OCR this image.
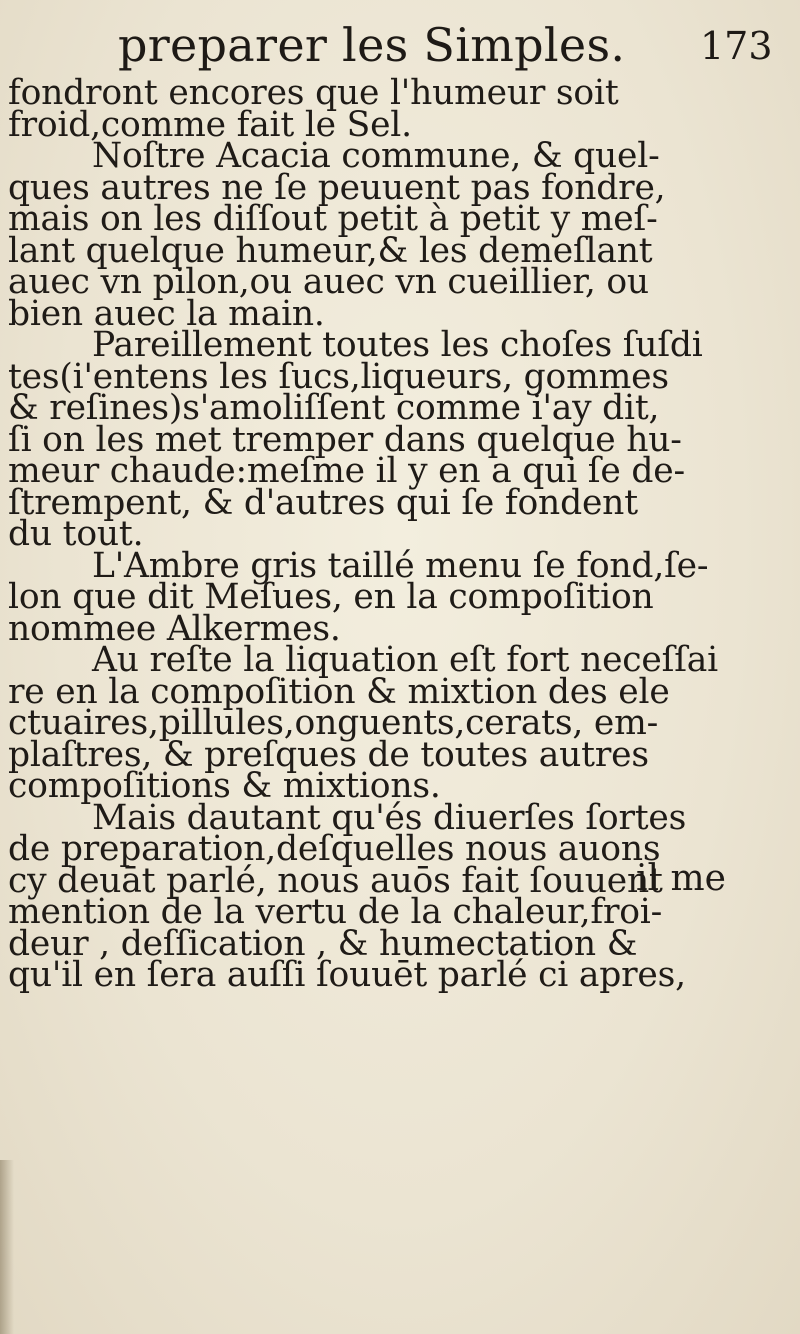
preparer les Simples. 173
fondront encores que l'humeur soit
froid,comme fait le Sel.
Noſtre Acacia commune, & quel-
ques autres ne ſe peuuent pas fondre,
mais on les diſſout petit à petit y meſ-
lant quelque humeur,& les demeſlant
auec vn pilon,ou auec vn cueillier, ou
bien auec la main.
Pareillement toutes les choſes ſuſdi
tes(i'entens les ſucs,liqueurs, gommes
& reſines)s'amoliſſent comme i'ay dit,
ſi on les met tremper dans quelque hu-
meur chaude:meſme il y en a qui ſe de-
ſtrempent, & d'autres qui ſe fondent
du tout.
L'Ambre gris taillé menu ſe fond,ſe-
lon que dit Meſues, en la compoſition
nommee Alkermes.
Au reſte la liquation eſt fort neceſſai
re en la compoſition & mixtion des ele
ctuaires,pillules,onguents,cerats, em-
plaſtres, & preſques de toutes autres
compoſitions & mixtions.
Mais dautant qu'és diuerſes ſortes
de preparation,deſquelles nous auons
cy deuāt parlé, nous auōs fait ſouuent
mention de la vertu de la chaleur,froi-
deur , deſſication , & humectation &
qu'il en ſera auſſi ſouuēt parlé ci apres,
il me
